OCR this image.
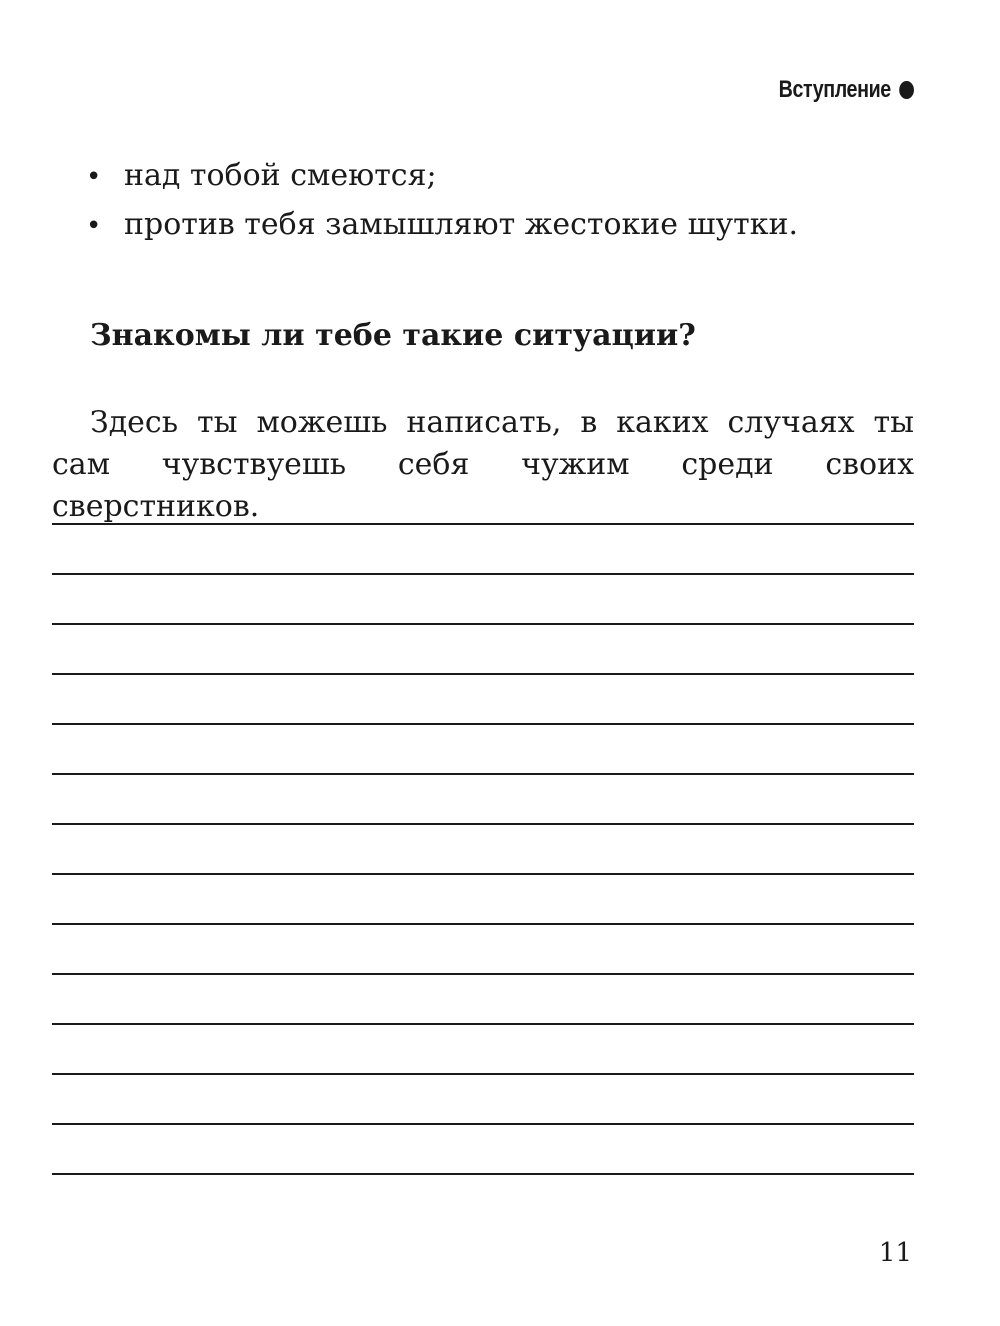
Вступление
• над тобой смеются;
• против тебя замышляют жестокие шутки.
Знакомы ли тебе такие ситуации?

Здесь ты можешь написать, в каких случаях ты сам чувствуешь себя чужим среди своих сверстников.

11
